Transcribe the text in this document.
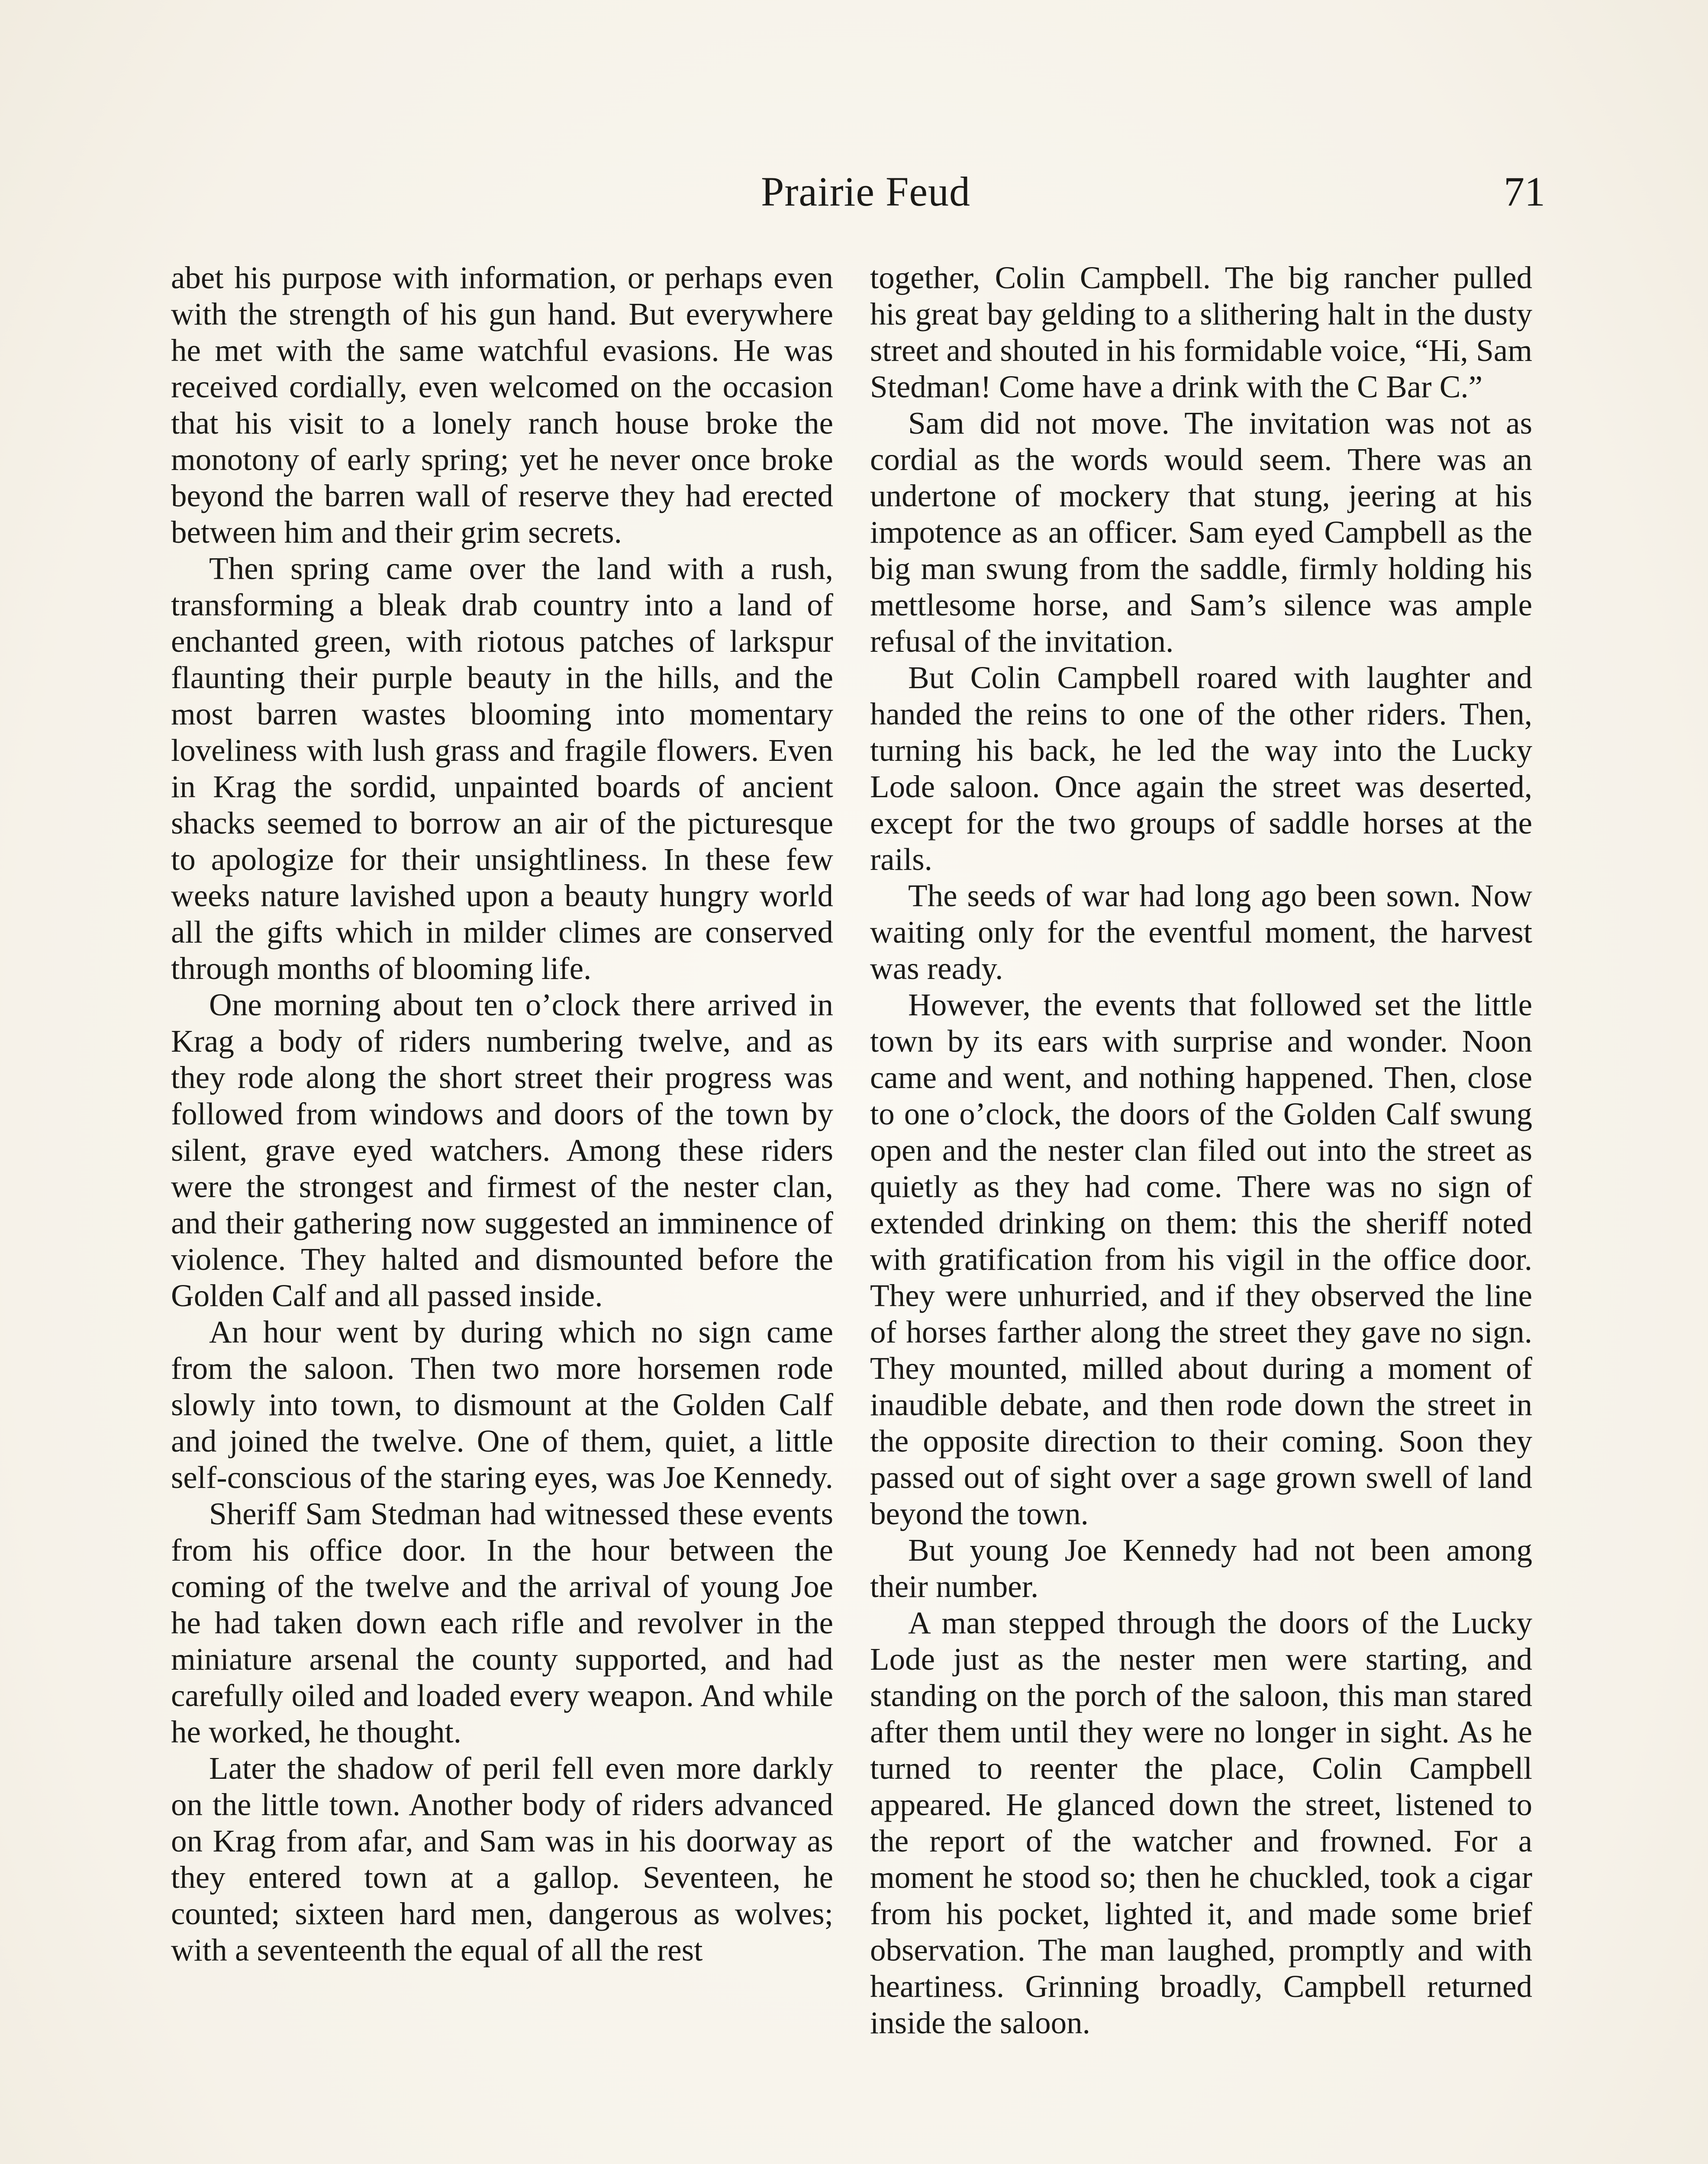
Prairie Feud	71

abet his purpose with information, or perhaps even with the strength of his gun hand. But everywhere he met with the same watchful evasions. He was received cordially, even welcomed on the occasion that his visit to a lonely ranch house broke the monotony of early spring; yet he never once broke beyond the barren wall of reserve they had erected between him and their grim secrets.

Then spring came over the land with a rush, transforming a bleak drab country into a land of enchanted green, with riotous patches of larkspur flaunting their purple beauty in the hills, and the most barren wastes blooming into momentary loveliness with lush grass and fragile flowers. Even in Krag the sordid, unpainted boards of ancient shacks seemed to borrow an air of the picturesque to apologize for their unsightliness. In these few weeks nature lavished upon a beauty hungry world all the gifts which in milder climes are conserved through months of blooming life.

One morning about ten o’clock there arrived in Krag a body of riders numbering twelve, and as they rode along the short street their progress was followed from windows and doors of the town by silent, grave eyed watchers. Among these riders were the strongest and firmest of the nester clan, and their gathering now suggested an imminence of violence. They halted and dismounted before the Golden Calf and all passed inside.

An hour went by during which no sign came from the saloon. Then two more horsemen rode slowly into town, to dismount at the Golden Calf and joined the twelve. One of them, quiet, a little self-conscious of the staring eyes, was Joe Kennedy.

Sheriff Sam Stedman had witnessed these events from his office door. In the hour between the coming of the twelve and the arrival of young Joe he had taken down each rifle and revolver in the miniature arsenal the county supported, and had carefully oiled and loaded every weapon. And while he worked, he thought.

Later the shadow of peril fell even more darkly on the little town. Another body of riders advanced on Krag from afar, and Sam was in his doorway as they entered town at a gallop. Seventeen, he counted; sixteen hard men, dangerous as wolves; with a seventeenth the equal of all the rest

together, Colin Campbell. The big rancher pulled his great bay gelding to a slithering halt in the dusty street and shouted in his formidable voice, “Hi, Sam Stedman! Come have a drink with the C Bar C.”

Sam did not move. The invitation was not as cordial as the words would seem. There was an undertone of mockery that stung, jeering at his impotence as an officer. Sam eyed Campbell as the big man swung from the saddle, firmly holding his mettlesome horse, and Sam’s silence was ample refusal of the invitation.

But Colin Campbell roared with laughter and handed the reins to one of the other riders. Then, turning his back, he led the way into the Lucky Lode saloon. Once again the street was deserted, except for the two groups of saddle horses at the rails.

The seeds of war had long ago been sown. Now waiting only for the eventful moment, the harvest was ready.

However, the events that followed set the little town by its ears with surprise and wonder. Noon came and went, and nothing happened. Then, close to one o’clock, the doors of the Golden Calf swung open and the nester clan filed out into the street as quietly as they had come. There was no sign of extended drinking on them: this the sheriff noted with gratification from his vigil in the office door. They were unhurried, and if they observed the line of horses farther along the street they gave no sign. They mounted, milled about during a moment of inaudible debate, and then rode down the street in the opposite direction to their coming. Soon they passed out of sight over a sage grown swell of land beyond the town.

But young Joe Kennedy had not been among their number.

A man stepped through the doors of the Lucky Lode just as the nester men were starting, and standing on the porch of the saloon, this man stared after them until they were no longer in sight. As he turned to reenter the place, Colin Campbell appeared. He glanced down the street, listened to the report of the watcher and frowned. For a moment he stood so; then he chuckled, took a cigar from his pocket, lighted it, and made some brief observation. The man laughed, promptly and with heartiness. Grinning broadly, Campbell returned inside the saloon.
